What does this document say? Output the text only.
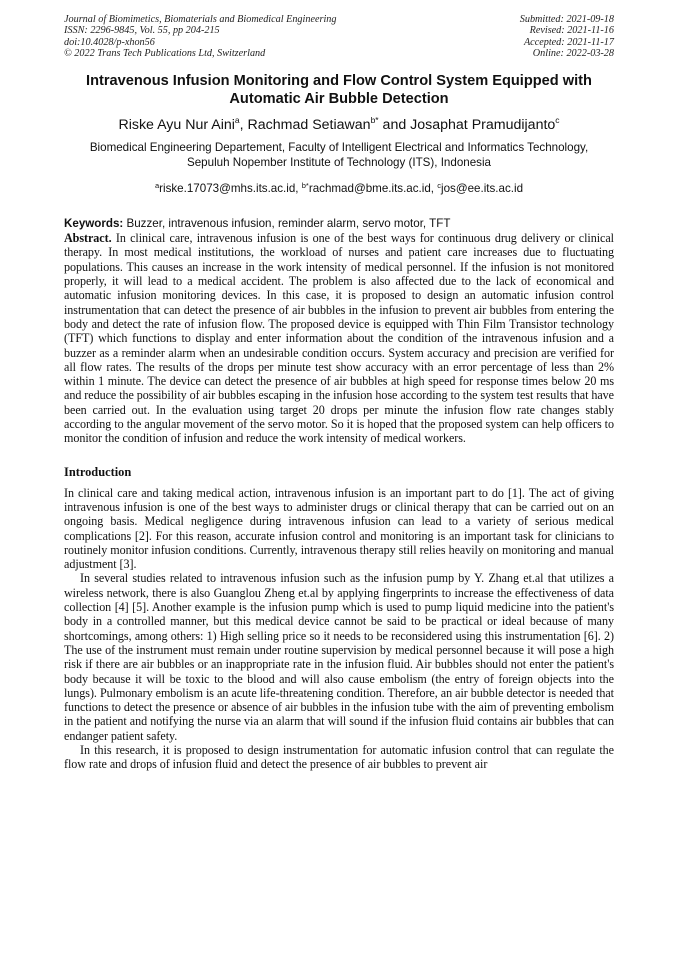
Journal of Biomimetics, Biomaterials and Biomedical Engineering
ISSN: 2296-9845, Vol. 55, pp 204-215
doi:10.4028/p-xhon56
© 2022 Trans Tech Publications Ltd, Switzerland
Submitted: 2021-09-18
Revised: 2021-11-16
Accepted: 2021-11-17
Online: 2022-03-28
Intravenous Infusion Monitoring and Flow Control System Equipped with
Automatic Air Bubble Detection
Riske Ayu Nur Aini$^a$, Rachmad Setiawan$^{b*}$ and Josaphat Pramudijanto$^c$
Biomedical Engineering Departement, Faculty of Intelligent Electrical and Informatics Technology,
Sepuluh Nopember Institute of Technology (ITS), Indonesia
$^a$riske.17073@mhs.its.ac.id, $^{b*}$rachmad@bme.its.ac.id, $^c$jos@ee.its.ac.id
Keywords: Buzzer, intravenous infusion, reminder alarm, servo motor, TFT

Abstract. In clinical care, intravenous infusion is one of the best ways for continuous drug delivery or clinical therapy. In most medical institutions, the workload of nurses and patient care increases due to fluctuating populations. This causes an increase in the work intensity of medical personnel. If the infusion is not monitored properly, it will lead to a medical accident. The problem is also affected due to the lack of economical and automatic infusion monitoring devices. In this case, it is proposed to design an automatic infusion control instrumentation that can detect the presence of air bubbles in the infusion to prevent air bubbles from entering the body and detect the rate of infusion flow. The proposed device is equipped with Thin Film Transistor technology (TFT) which functions to display and enter information about the condition of the intravenous infusion and a buzzer as a reminder alarm when an undesirable condition occurs. System accuracy and precision are verified for all flow rates. The results of the drops per minute test show accuracy with an error percentage of less than 2% within 1 minute. The device can detect the presence of air bubbles at high speed for response times below 20 ms and reduce the possibility of air bubbles escaping in the infusion hose according to the system test results that have been carried out. In the evaluation using target 20 drops per minute the infusion flow rate changes stably according to the angular movement of the servo motor. So it is hoped that the proposed system can help officers to monitor the condition of infusion and reduce the work intensity of medical workers.

Introduction

In clinical care and taking medical action, intravenous infusion is an important part to do [1]. The act of giving intravenous infusion is one of the best ways to administer drugs or clinical therapy that can be carried out on an ongoing basis. Medical negligence during intravenous infusion can lead to a variety of serious medical complications [2]. For this reason, accurate infusion control and monitoring is an important task for clinicians to routinely monitor infusion conditions. Currently, intravenous therapy still relies heavily on monitoring and manual adjustment [3].

In several studies related to intravenous infusion such as the infusion pump by Y. Zhang et.al that utilizes a wireless network, there is also Guanglou Zheng et.al by applying fingerprints to increase the effectiveness of data collection [4] [5]. Another example is the infusion pump which is used to pump liquid medicine into the patient's body in a controlled manner, but this medical device cannot be said to be practical or ideal because of many shortcomings, among others: 1) High selling price so it needs to be reconsidered using this instrumentation [6]. 2) The use of the instrument must remain under routine supervision by medical personnel because it will pose a high risk if there are air bubbles or an inappropriate rate in the infusion fluid. Air bubbles should not enter the patient's body because it will be toxic to the blood and will also cause embolism (the entry of foreign objects into the lungs). Pulmonary embolism is an acute life-threatening condition. Therefore, an air bubble detector is needed that functions to detect the presence or absence of air bubbles in the infusion tube with the aim of preventing embolism in the patient and notifying the nurse via an alarm that will sound if the infusion fluid contains air bubbles that can endanger patient safety.

In this research, it is proposed to design instrumentation for automatic infusion control that can regulate the flow rate and drops of infusion fluid and detect the presence of air bubbles to prevent air
